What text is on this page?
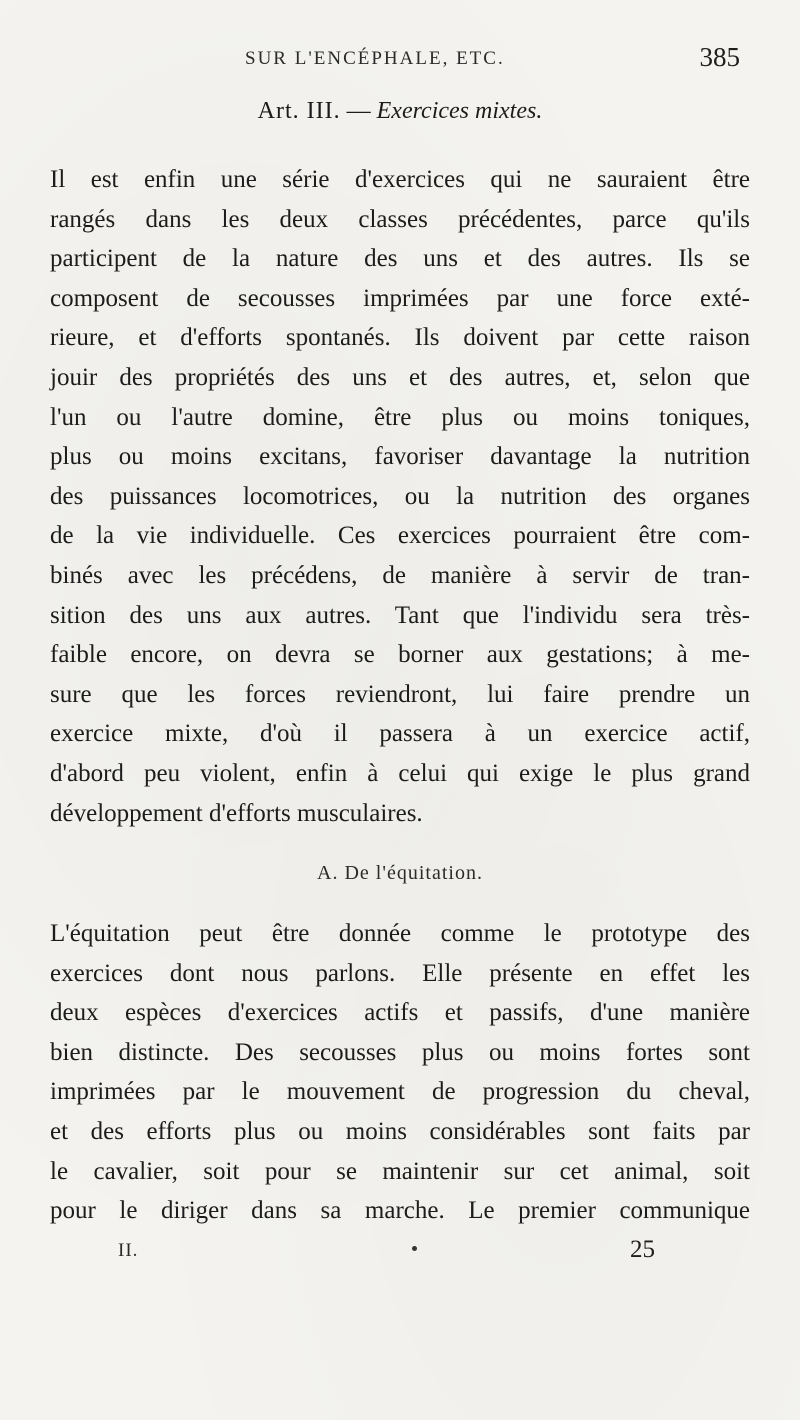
SUR L'ENCÉPHALE, ETC.	385
Art. III. — Exercices mixtes.
Il est enfin une série d'exercices qui ne sauraient être
rangés dans les deux classes précédentes, parce qu'ils
participent de la nature des uns et des autres. Ils se
composent de secousses imprimées par une force exté-
rieure, et d'efforts spontanés. Ils doivent par cette raison
jouir des propriétés des uns et des autres, et, selon que
l'un ou l'autre domine, être plus ou moins toniques,
plus ou moins excitans, favoriser davantage la nutrition
des puissances locomotrices, ou la nutrition des organes
de la vie individuelle. Ces exercices pourraient être com-
binés avec les précédens, de manière à servir de tran-
sition des uns aux autres. Tant que l'individu sera très-
faible encore, on devra se borner aux gestations; à me-
sure que les forces reviendront, lui faire prendre un
exercice mixte, d'où il passera à un exercice actif,
d'abord peu violent, enfin à celui qui exige le plus grand
développement d'efforts musculaires.
A. De l'équitation.
L'équitation peut être donnée comme le prototype des
exercices dont nous parlons. Elle présente en effet les
deux espèces d'exercices actifs et passifs, d'une manière
bien distincte. Des secousses plus ou moins fortes sont
imprimées par le mouvement de progression du cheval,
et des efforts plus ou moins considérables sont faits par
le cavalier, soit pour se maintenir sur cet animal, soit
pour le diriger dans sa marche. Le premier communique
II.	25
